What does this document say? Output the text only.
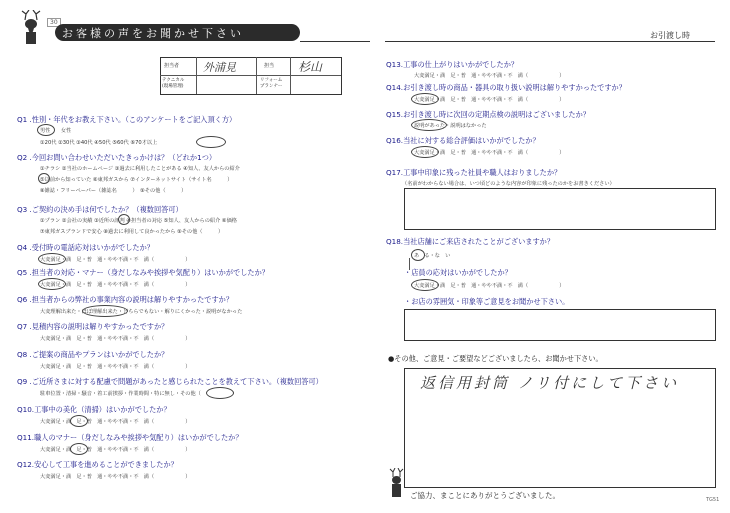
30
お客様の声をお聞かせ下さい	お引渡し時
担当者 外浦見
テクニカル
(現場管理)
担当 杉山
リフォーム
プランナー
Q1 .性別・年代をお教え下さい。（このアンケートをご記入頂く方）
男性　　 女性
①20代 ②30代 ③40代 ④50代 ⑤60代 ⑥70才以上
Q2 .今回お問い合わせいただいたきっかけは？（どれか1つ）
①チラシ ②当社のホームページ ③過去に利用したことがある ④知人、友人からの紹介
⑤以前から知っていた ⑥東邦ガスから ⑦インターネットサイト（サイト名　　　）
⑧雑誌・フリーペーパー（雑誌名　　　）　⑨その他（　　　）
Q3 .ご契約の決め手は何でしたか？（複数回答可）
①プラン ②会社の実績 ③近所の評判 ④担当者の対応 ⑤知人、友人からの紹介 ⑥価格
⑦東邦ガスブランドで安心 ⑧過去に利用して良かったから ⑨その他（　　　）
Q4 .受付時の電話応対はいかがでしたか？
大変満足・満　足・普　通・やや不満・不　満（　　　　　　）
Q5 .担当者の対応・マナー（身だしなみや挨拶や気配り）はいかがでしたか？
大変満足・満　足・普　通・やや不満・不　満（　　　　　　）
Q6 .担当者からの弊社の事業内容の説明は解りやすかったですか？
大変理解出来た・ほぼ理解出来た・どちらでもない・解りにくかった・説明がなかった
Q7 .見積内容の説明は解りやすかったですか？
大変満足・満　足・普　通・やや不満・不　満（　　　　　　）
Q8 .ご提案の商品やプランはいかがでしたか？
大変満足・満　足・普　通・やや不満・不　満（　　　　　　）
Q9 .ご近所さまに対する配慮で問題があったと感じられたことを教えて下さい。（複数回答可）
駐車位置・清掃・騒音・着工前挨拶・作業時間・特に無し・その他（　　　　　　）
Q10.工事中の美化（清掃）はいかがでしたか？
大変満足・満　足・普　通・やや不満・不　満（　　　　　　）
Q11.職人のマナー（身だしなみや挨拶や気配り）はいかがでしたか？
大変満足・満　足・普　通・やや不満・不　満（　　　　　　）
Q12.安心して工事を進めることができましたか？
大変満足・満　足・普　通・やや不満・不　満（　　　　　　）
Q13.工事の仕上がりはいかがでしたか？
大変満足・満　足・普　通・やや不満・不　満（　　　　　　）
Q14.お引き渡し時の商品・器具の取り扱い説明は解りやすかったですか？
大変満足・満　足・普　通・やや不満・不　満（　　　　　　）
Q15.お引き渡し時に次回の定期点検の説明はございましたか？
説明があった・説明はなかった
Q16.当社に対する総合評価はいかがでしたか？
大変満足・満　足・普　通・やや不満・不　満（　　　　　　）
Q17.工事中印象に残った社員や職人はおりましたか？
（名前がわからない場合は、いつ頃どのような内容が印象に残ったのかをお書きください）
Q18.当社店舗にご来店されたことがございますか？
あ　る・な　い
・店員の応対はいかがでしたか？
大変満足・満　足・普　通・やや不満・不　満（　　　　　　）
・お店の雰囲気・印象等ご意見をお聞かせ下さい。
●その他、ご意見・ご要望などございましたら、お聞かせ下さい。
返信用封筒 ノリ付にして下さい
ご協力、まことにありがとうございました。	TG51
